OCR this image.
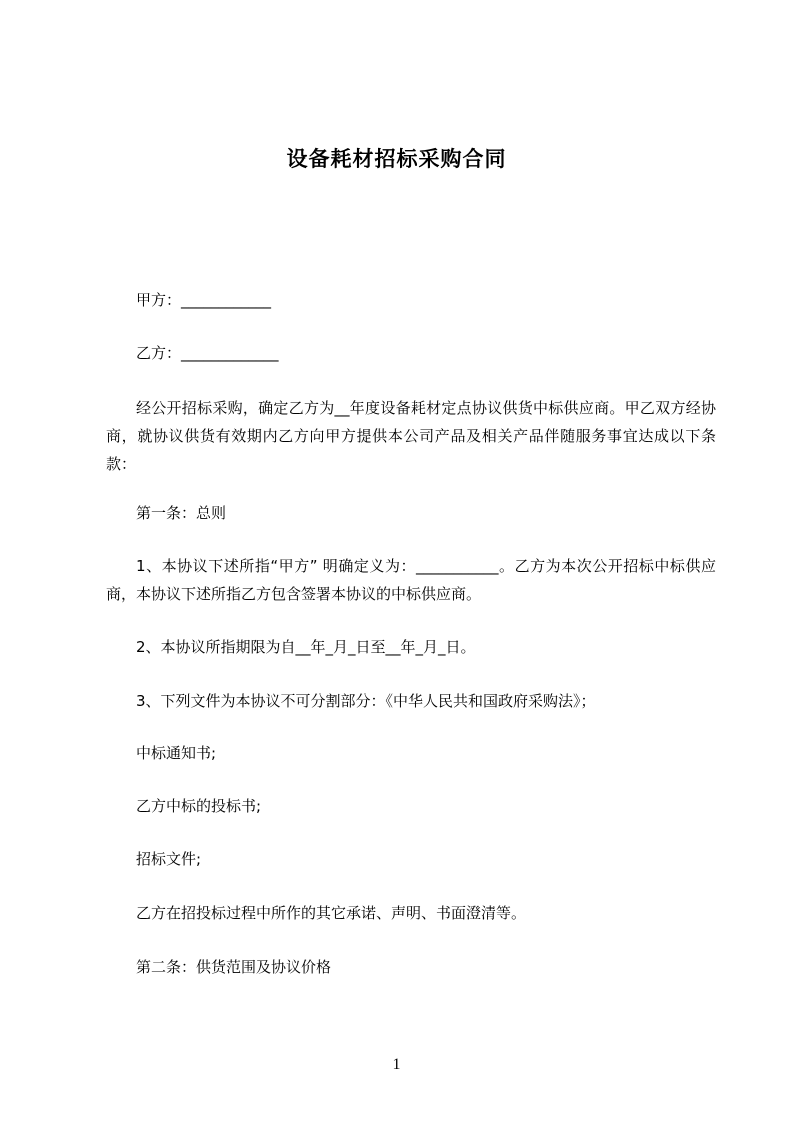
设备耗材招标采购合同
甲方：____________
乙方：_____________
经公开招标采购，确定乙方为__年度设备耗材定点协议供货中标供应商。甲乙双方经协商，就协议供货有效期内乙方向甲方提供本公司产品及相关产品伴随服务事宜达成以下条款：
第一条：总则
1、本协议下述所指“甲方” 明确定义为：___________。乙方为本次公开招标中标供应商，本协议下述所指乙方包含签署本协议的中标供应商。
2、本协议所指期限为自__年_月_日至__年_月_日。
3、下列文件为本协议不可分割部分：《中华人民共和国政府采购法》；
中标通知书;
乙方中标的投标书;
招标文件;
乙方在招投标过程中所作的其它承诺、声明、书面澄清等。
第二条：供货范围及协议价格
1
